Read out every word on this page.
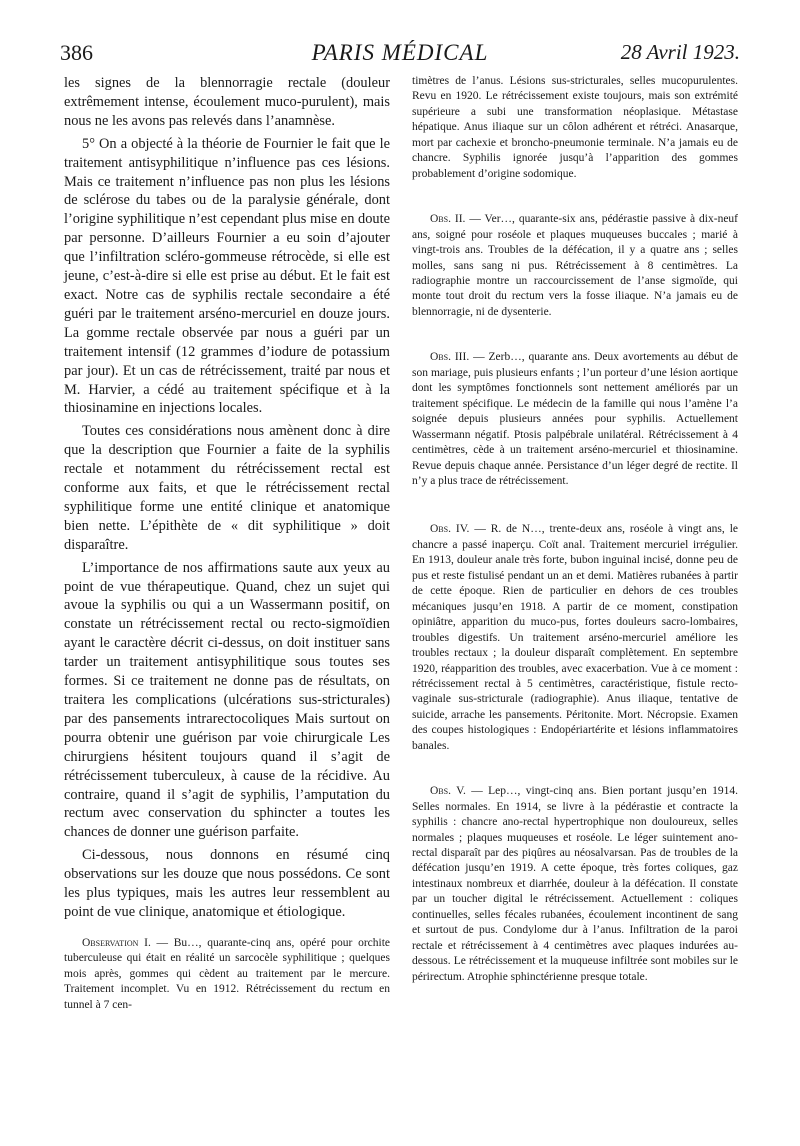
386	PARIS MÉDICAL	28 Avril 1923.

les signes de la blennorragie rectale (douleur extrêmement intense, écoulement muco-purulent), mais nous ne les avons pas relevés dans l’anamnèse.

5° On a objecté à la théorie de Fournier le fait que le traitement antisyphilitique n’influence pas ces lésions. Mais ce traitement n’influence pas non plus les lésions de sclérose du tabes ou de la paralysie générale, dont l’origine syphilitique n’est cependant plus mise en doute par personne. D’ailleurs Fournier a eu soin d’ajouter que l’infiltration scléro-gommeuse rétrocède, si elle est jeune, c’est-à-dire si elle est prise au début. Et le fait est exact. Notre cas de syphilis rectale secondaire a été guéri par le traitement arséno-mercuriel en douze jours. La gomme rectale observée par nous a guéri par un traitement intensif (12 grammes d’iodure de potassium par jour). Et un cas de rétrécissement, traité par nous et M. Harvier, a cédé au traitement spécifique et à la thiosinamine en injections locales.

Toutes ces considérations nous amènent donc à dire que la description que Fournier a faite de la syphilis rectale et notamment du rétrécissement rectal est conforme aux faits, et que le rétrécissement rectal syphilitique forme une entité clinique et anatomique bien nette. L’épithète de « dit syphilitique » doit disparaître.

L’importance de nos affirmations saute aux yeux au point de vue thérapeutique. Quand, chez un sujet qui avoue la syphilis ou qui a un Wassermann positif, on constate un rétrécissement rectal ou recto-sigmoïdien ayant le caractère décrit ci-dessus, on doit instituer sans tarder un traitement antisyphilitique sous toutes ses formes. Si ce traitement ne donne pas de résultats, on traitera les complications (ulcérations sus-stricturales) par des pansements intrarectocoliques Mais surtout on pourra obtenir une guérison par voie chirurgicale Les chirurgiens hésitent toujours quand il s’agit de rétrécissement tuberculeux, à cause de la récidive. Au contraire, quand il s’agit de syphilis, l’amputation du rectum avec conservation du sphincter a toutes les chances de donner une guérison parfaite.

Ci-dessous, nous donnons en résumé cinq observations sur les douze que nous possédons. Ce sont les plus typiques, mais les autres leur ressemblent au point de vue clinique, anatomique et étiologique.

Observation I. — Bu…, quarante-cinq ans, opéré pour orchite tuberculeuse qui était en réalité un sarcocèle syphilitique ; quelques mois après, gommes qui cèdent au traitement par le mercure. Traitement incomplet. Vu en 1912. Rétrécissement du rectum en tunnel à 7 cen-

timètres de l’anus. Lésions sus-stricturales, selles mucopurulentes. Revu en 1920. Le rétrécissement existe toujours, mais son extrémité supérieure a subi une transformation néoplasique. Métastase hépatique. Anus iliaque sur un côlon adhérent et rétréci. Anasarque, mort par cachexie et broncho-pneumonie terminale. N’a jamais eu de chancre. Syphilis ignorée jusqu’à l’apparition des gommes probablement d’origine sodomique.

Obs. II. — Ver…, quarante-six ans, pédérastie passive à dix-neuf ans, soigné pour roséole et plaques muqueuses buccales ; marié à vingt-trois ans. Troubles de la défécation, il y a quatre ans ; selles molles, sans sang ni pus. Rétrécissement à 8 centimètres. La radiographie montre un raccourcissement de l’anse sigmoïde, qui monte tout droit du rectum vers la fosse iliaque. N’a jamais eu de blennorragie, ni de dysenterie.

Obs. III. — Zerb…, quarante ans. Deux avortements au début de son mariage, puis plusieurs enfants ; l’un porteur d’une lésion aortique dont les symptômes fonctionnels sont nettement améliorés par un traitement spécifique. Le médecin de la famille qui nous l’amène l’a soignée depuis plusieurs années pour syphilis. Actuellement Wassermann négatif. Ptosis palpébrale unilatéral. Rétrécissement à 4 centimètres, cède à un traitement arséno-mercuriel et thiosinamine. Revue depuis chaque année. Persistance d’un léger degré de rectite. Il n’y a plus trace de rétrécissement.

Obs. IV. — R. de N…, trente-deux ans, roséole à vingt ans, le chancre a passé inaperçu. Coït anal. Traitement mercuriel irrégulier. En 1913, douleur anale très forte, bubon inguinal incisé, donne peu de pus et reste fistulisé pendant un an et demi. Matières rubanées à partir de cette époque. Rien de particulier en dehors de ces troubles mécaniques jusqu’en 1918. A partir de ce moment, constipation opiniâtre, apparition du muco-pus, fortes douleurs sacro-lombaires, troubles digestifs. Un traitement arséno-mercuriel améliore les troubles rectaux ; la douleur disparaît complètement. En septembre 1920, réapparition des troubles, avec exacerbation. Vue à ce moment : rétrécissement rectal à 5 centimètres, caractéristique, fistule recto-vaginale sus-stricturale (radiographie). Anus iliaque, tentative de suicide, arrache les pansements. Péritonite. Mort. Nécropsie. Examen des coupes histologiques : Endopériartérite et lésions inflammatoires banales.

Obs. V. — Lep…, vingt-cinq ans. Bien portant jusqu’en 1914. Selles normales. En 1914, se livre à la pédérastie et contracte la syphilis : chancre ano-rectal hypertrophique non douloureux, selles normales ; plaques muqueuses et roséole. Le léger suintement ano-rectal disparaît par des piqûres au néosalvarsan. Pas de troubles de la défécation jusqu’en 1919. A cette époque, très fortes coliques, gaz intestinaux nombreux et diarrhée, douleur à la défécation. Il constate par un toucher digital le rétrécissement. Actuellement : coliques continuelles, selles fécales rubanées, écoulement incontinent de sang et surtout de pus. Condylome dur à l’anus. Infiltration de la paroi rectale et rétrécissement à 4 centimètres avec plaques indurées au-dessous. Le rétrécissement et la muqueuse infiltrée sont mobiles sur le périrectum. Atrophie sphinctérienne presque totale.
